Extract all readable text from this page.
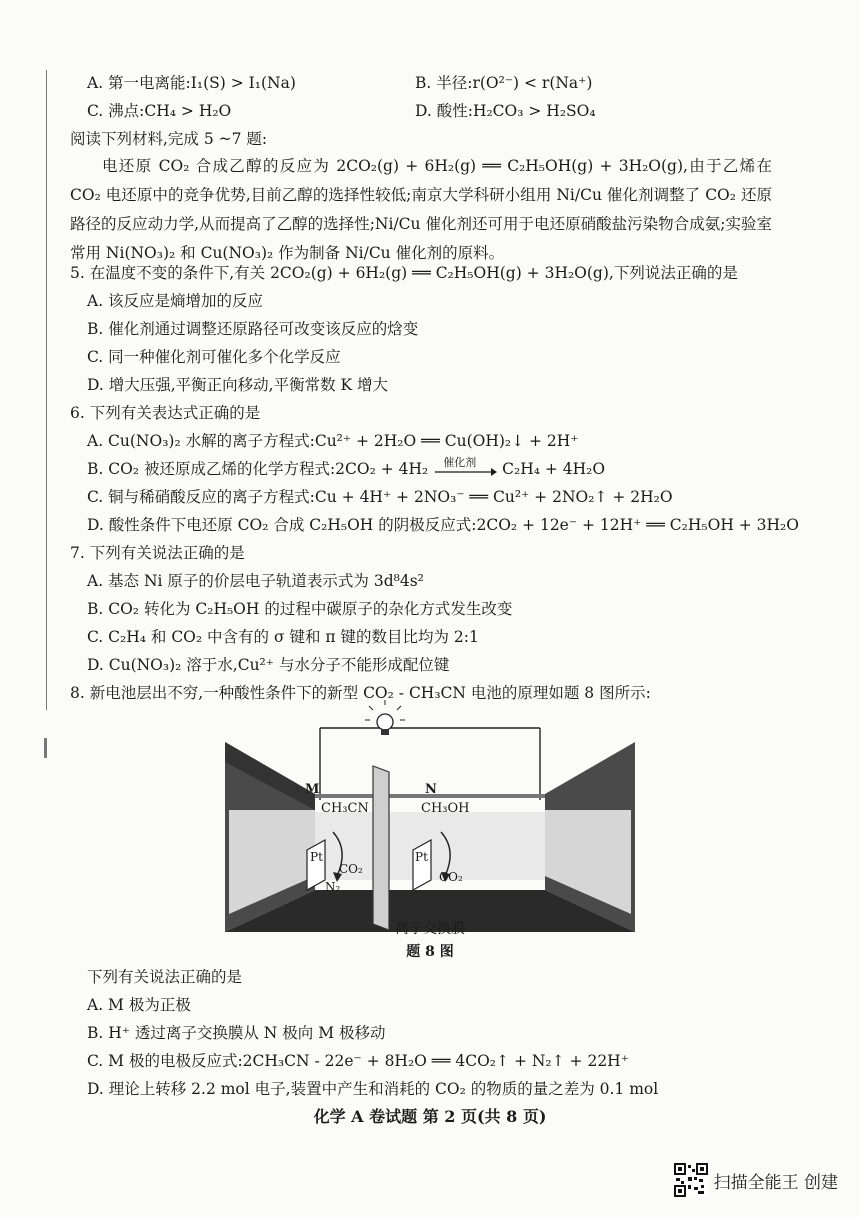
A. 第一电离能:I₁(S) > I₁(Na)	B. 半径:r(O²⁻) < r(Na⁺)
C. 沸点:CH₄ > H₂O	D. 酸性:H₂CO₃ > H₂SO₄
阅读下列材料,完成 5 ~7 题:
电还原 CO₂ 合成乙醇的反应为 2CO₂(g) + 6H₂(g) ══ C₂H₅OH(g) + 3H₂O(g),由于乙烯在 CO₂ 电还原中的竞争优势,目前乙醇的选择性较低;南京大学科研小组用 Ni/Cu 催化剂调整了 CO₂ 还原路径的反应动力学,从而提高了乙醇的选择性;Ni/Cu 催化剂还可用于电还原硝酸盐污染物合成氨;实验室常用 Ni(NO₃)₂ 和 Cu(NO₃)₂ 作为制备 Ni/Cu 催化剂的原料。
5. 在温度不变的条件下,有关 2CO₂(g) + 6H₂(g) ══ C₂H₅OH(g) + 3H₂O(g),下列说法正确的是
A. 该反应是熵增加的反应
B. 催化剂通过调整还原路径可改变该反应的焓变
C. 同一种催化剂可催化多个化学反应
D. 增大压强,平衡正向移动,平衡常数 K 增大
6. 下列有关表达式正确的是
A. Cu(NO₃)₂ 水解的离子方程式:Cu²⁺ + 2H₂O ══ Cu(OH)₂↓ + 2H⁺
B. CO₂ 被还原成乙烯的化学方程式:2CO₂ + 4H₂ 催化剂 C₂H₄ + 4H₂O
C. 铜与稀硝酸反应的离子方程式:Cu + 4H⁺ + 2NO₃⁻ ══ Cu²⁺ + 2NO₂↑ + 2H₂O
D. 酸性条件下电还原 CO₂ 合成 C₂H₅OH 的阴极反应式:2CO₂ + 12e⁻ + 12H⁺ ══ C₂H₅OH + 3H₂O
7. 下列有关说法正确的是
A. 基态 Ni 原子的价层电子轨道表示式为 3d⁸4s²
B. CO₂ 转化为 C₂H₅OH 的过程中碳原子的杂化方式发生改变
C. C₂H₄ 和 CO₂ 中含有的 σ 键和 π 键的数目比均为 2:1
D. Cu(NO₃)₂ 溶于水,Cu²⁺ 与水分子不能形成配位键
8. 新电池层出不穷,一种酸性条件下的新型 CO₂ - CH₃CN 电池的原理如题 8 图所示:
M	N
CH₃CN	CH₃OH
Pt	Pt
CO₂
N₂
CO₂
离子交换膜
题 8 图
下列有关说法正确的是
A. M 极为正极
B. H⁺ 透过离子交换膜从 N 极向 M 极移动
C. M 极的电极反应式:2CH₃CN - 22e⁻ + 8H₂O ══ 4CO₂↑ + N₂↑ + 22H⁺
D. 理论上转移 2.2 mol 电子,装置中产生和消耗的 CO₂ 的物质的量之差为 0.1 mol
化学 A 卷试题 第 2 页(共 8 页)
扫描全能王 创建
